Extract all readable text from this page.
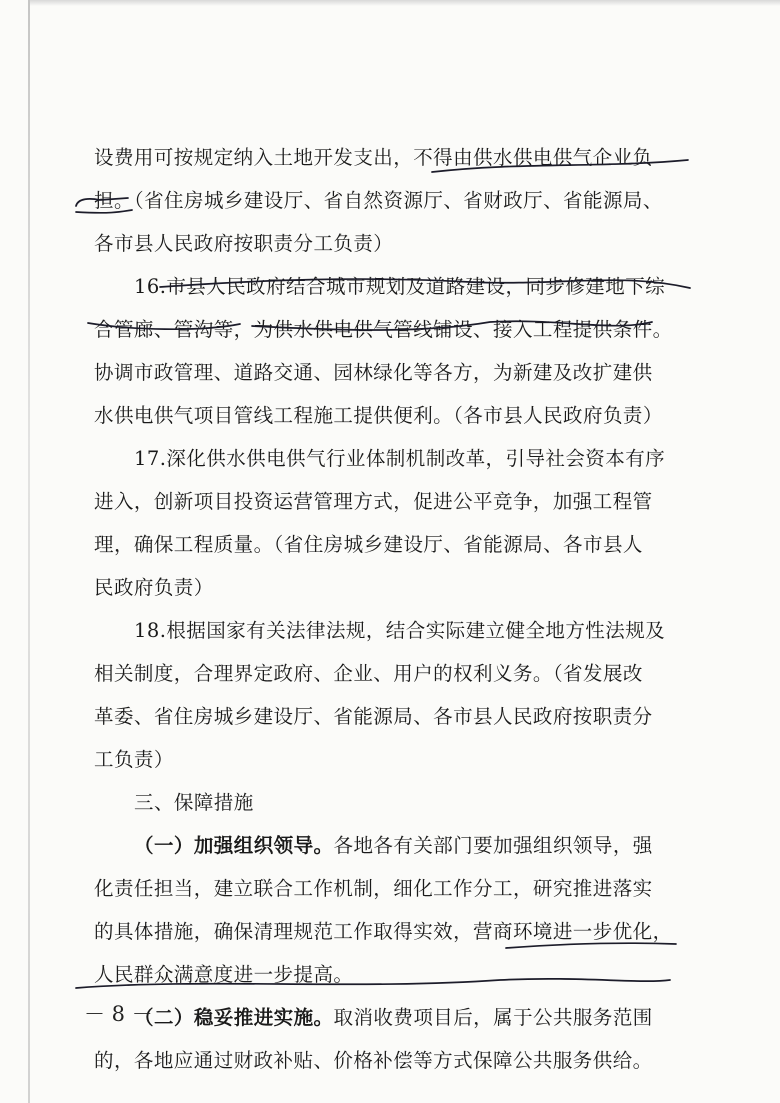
设费用可按规定纳入土地开发支出，不得由供水供电供气企业负
担。（省住房城乡建设厅、省自然资源厅、省财政厅、省能源局、
各市县人民政府按职责分工负责）
16.市县人民政府结合城市规划及道路建设，同步修建地下综
合管廊、管沟等，为供水供电供气管线铺设、接入工程提供条件。
协调市政管理、道路交通、园林绿化等各方，为新建及改扩建供
水供电供气项目管线工程施工提供便利。（各市县人民政府负责）
17.深化供水供电供气行业体制机制改革，引导社会资本有序
进入，创新项目投资运营管理方式，促进公平竞争，加强工程管
理，确保工程质量。（省住房城乡建设厅、省能源局、各市县人
民政府负责）
18.根据国家有关法律法规，结合实际建立健全地方性法规及
相关制度，合理界定政府、企业、用户的权利义务。（省发展改
革委、省住房城乡建设厅、省能源局、各市县人民政府按职责分
工负责）
三、保障措施
（一）加强组织领导。各地各有关部门要加强组织领导，强
化责任担当，建立联合工作机制，细化工作分工，研究推进落实
的具体措施，确保清理规范工作取得实效，营商环境进一步优化，
人民群众满意度进一步提高。
（二）稳妥推进实施。取消收费项目后，属于公共服务范围
的，各地应通过财政补贴、价格补偿等方式保障公共服务供给。
－ 8 －
